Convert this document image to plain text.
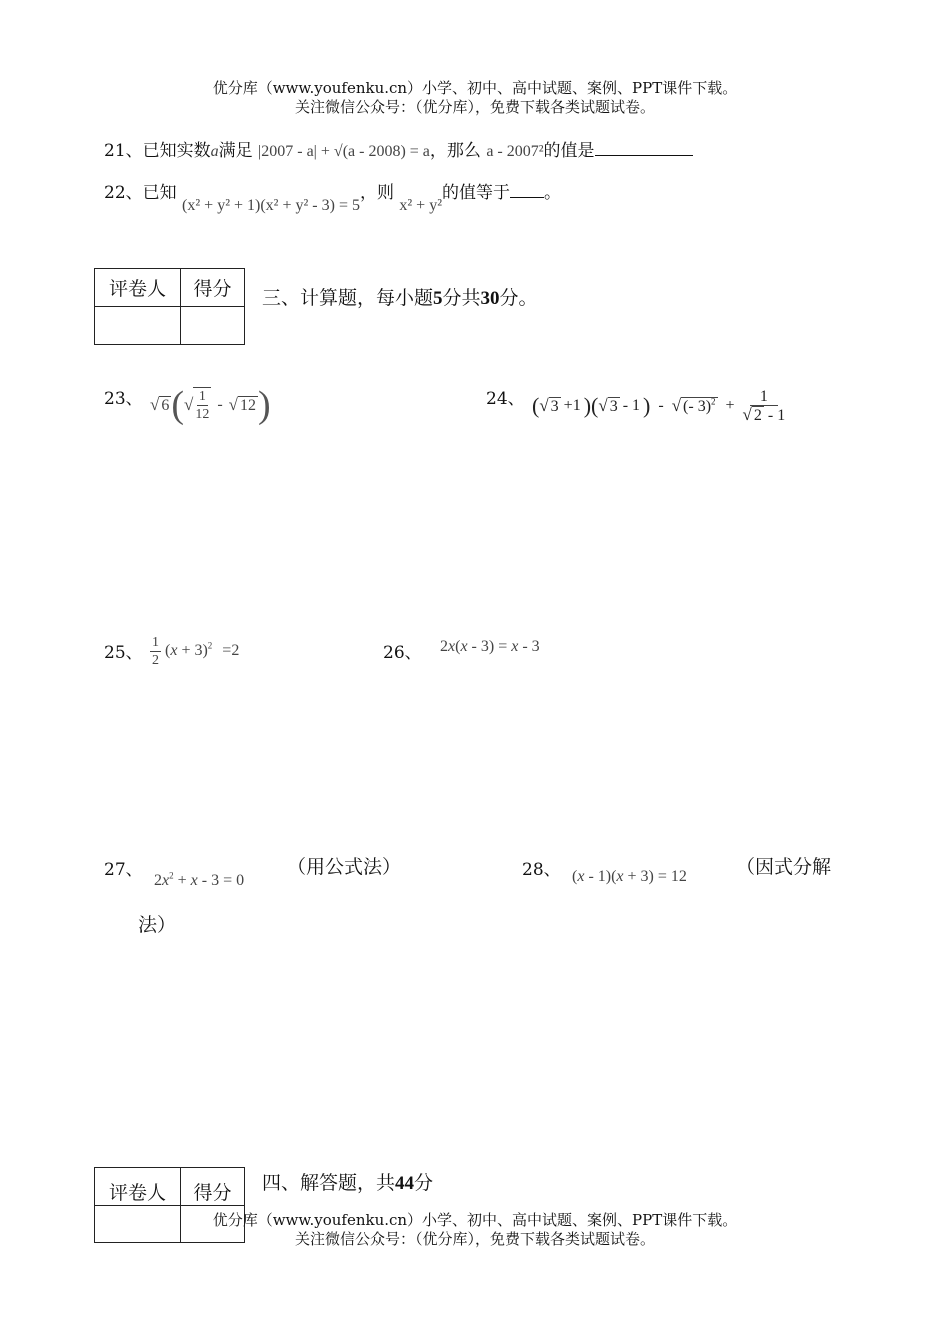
优分库（www.youfenku.cn）小学、初中、高中试题、案例、PPT课件下载。
关注微信公众号：（优分库），免费下载各类试题试卷。
21、已知实数a满足 |2007 - a| + √(a - 2008) = a，那么 a - 2007²的值是
22、已知 (x² + y² + 1)(x² + y² - 3) = 5，则 x² + y²的值等于 。
评卷人	得分
	三、计算题，每小题5分共30分。
23、 √ 6 ( √ $\frac{1}{12}$ - √ 12 )	24、 ( √ 3 +1 )( √ 3 - 1 ) - √ (- $3)^2 + \frac{1}{√ 2 - 1}$
25、 $\frac{1}{2} (x + 3)^2 =2$	26、 2x(x - 3) = x - 3
27、
$2x^2 + x - 3 = 0$
（用公式法）	28、 (x - 1)(x + 3) = 12	（因式分解
法）
评卷人	得分
	四、解答题，共44分
优分库（www.youfenku.cn）小学、初中、高中试题、案例、PPT课件下载。
关注微信公众号：（优分库），免费下载各类试题试卷。
